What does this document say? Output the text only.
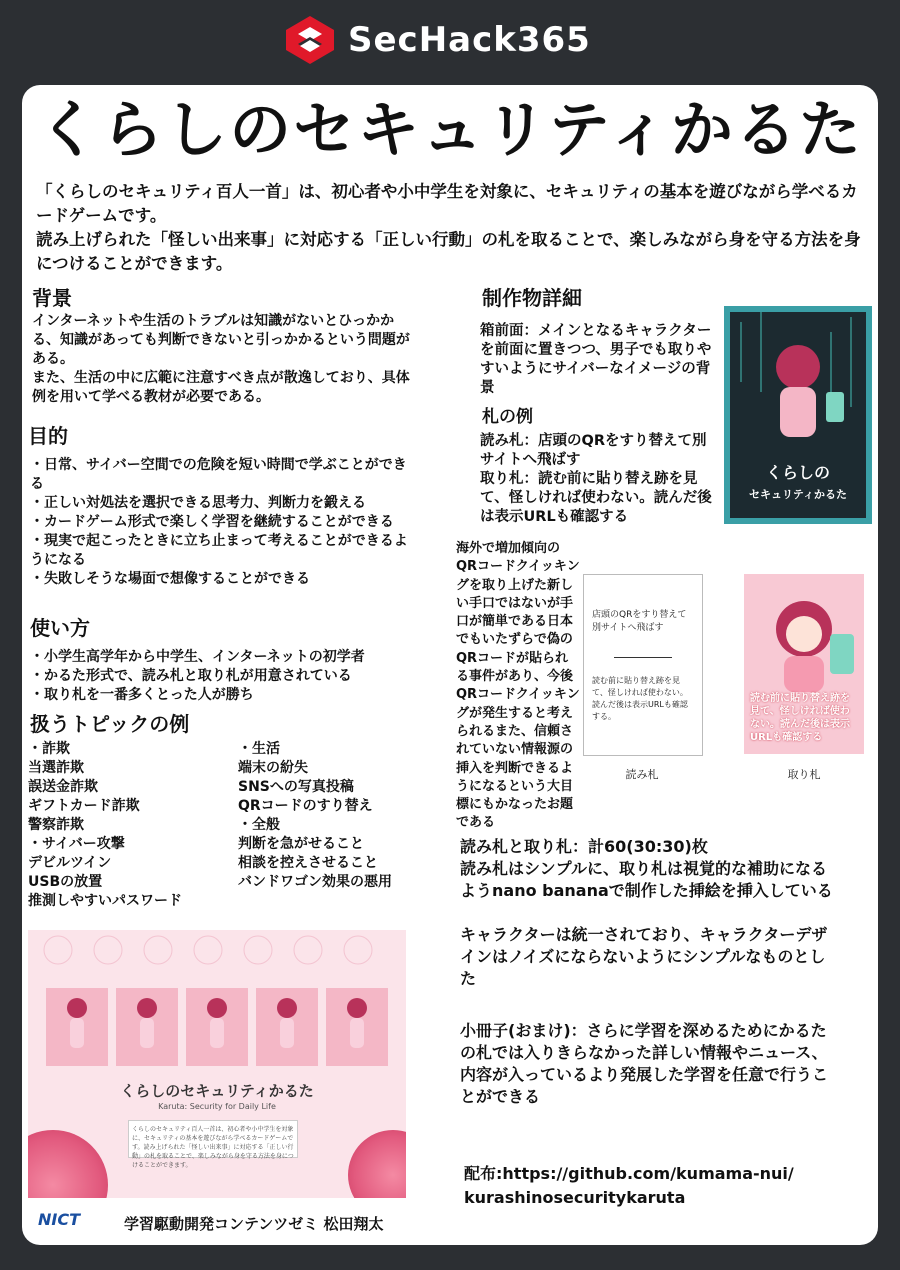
SecHack365
くらしのセキュリティかるた

「くらしのセキュリティ百人一首」は、初心者や小中学生を対象に、セキュリティの基本を遊びながら学べるカードゲームです。

読み上げられた「怪しい出来事」に対応する「正しい行動」の札を取ることで、楽しみながら身を守る方法を身につけることができます。

背景

インターネットや生活のトラブルは知識がないとひっかかる、知識があっても判断できないと引っかかるという問題がある。

また、生活の中に広範に注意すべき点が散逸しており、具体例を用いて学べる教材が必要である。

目的

・日常、サイバー空間での危険を短い時間で学ぶことができる

・正しい対処法を選択できる思考力、判断力を鍛える

・カードゲーム形式で楽しく学習を継続することができる

・現実で起こったときに立ち止まって考えることができるようになる

・失敗しそうな場面で想像することができる

使い方

・小学生高学年から中学生、インターネットの初学者

・かるた形式で、読み札と取り札が用意されている

・取り札を一番多くとった人が勝ち

扱うトピックの例

・詐欺

当選詐欺

誤送金詐欺

ギフトカード詐欺

警察詐欺

・サイバー攻撃

デビルツイン

USBの放置

推測しやすいパスワード

・生活

端末の紛失

SNSへの写真投稿

QRコードのすり替え

・全般

判断を急がせること

相談を控えさせること

バンドワゴン効果の悪用

くらしのセキュリティかるた
Karuta: Security for Daily Life
くらしのセキュリティ百人一首は、初心者や小中学生を対象に、セキュリティの基本を遊びながら学べるカードゲームです。読み上げられた「怪しい出来事」に対応する「正しい行動」の札を取ることで、楽しみながら身を守る方法を身につけることができます。
NICT	学習駆動開発コンテンツゼミ 松田翔太
制作物詳細
箱前面：メインとなるキャラクターを前面に置きつつ、男子でも取りやすいようにサイバーなイメージの背景
札の例

読み札：店頭のQRをすり替えて別サイトへ飛ばす

取り札：読む前に貼り替え跡を見て、怪しければ使わない。読んだ後は表示URLも確認する

くらしの
セキュリティかるた
海外で増加傾向のQRコードクイッキングを取り上げた新しい手口ではないが手口が簡単である日本でもいたずらで偽のQRコードが貼られる事件があり、今後QRコードクイッキングが発生すると考えられるまた、信頼されていない情報源の挿入を判断できるようになるという大目標にもかなったお題である
店頭のQRをすり替えて別サイトへ飛ばす
読む前に貼り替え跡を見て、怪しければ使わない。読んだ後は表示URLも確認する。
読み札
読む前に貼り替え跡を見て、怪しければ使わない。読んだ後は表示URLも確認する
取り札
読み札と取り札：計60(30:30)枚
読み札はシンプルに、取り札は視覚的な補助になるようnano bananaで制作した挿絵を挿入している
キャラクターは統一されており、キャラクターデザインはノイズにならないようにシンプルなものとした
小冊子(おまけ)：さらに学習を深めるためにかるたの札では入りきらなかった詳しい情報やニュース、内容が入っているより発展した学習を任意で行うことができる
配布:https://github.com/kumama-nui/kurashinosecuritykaruta
